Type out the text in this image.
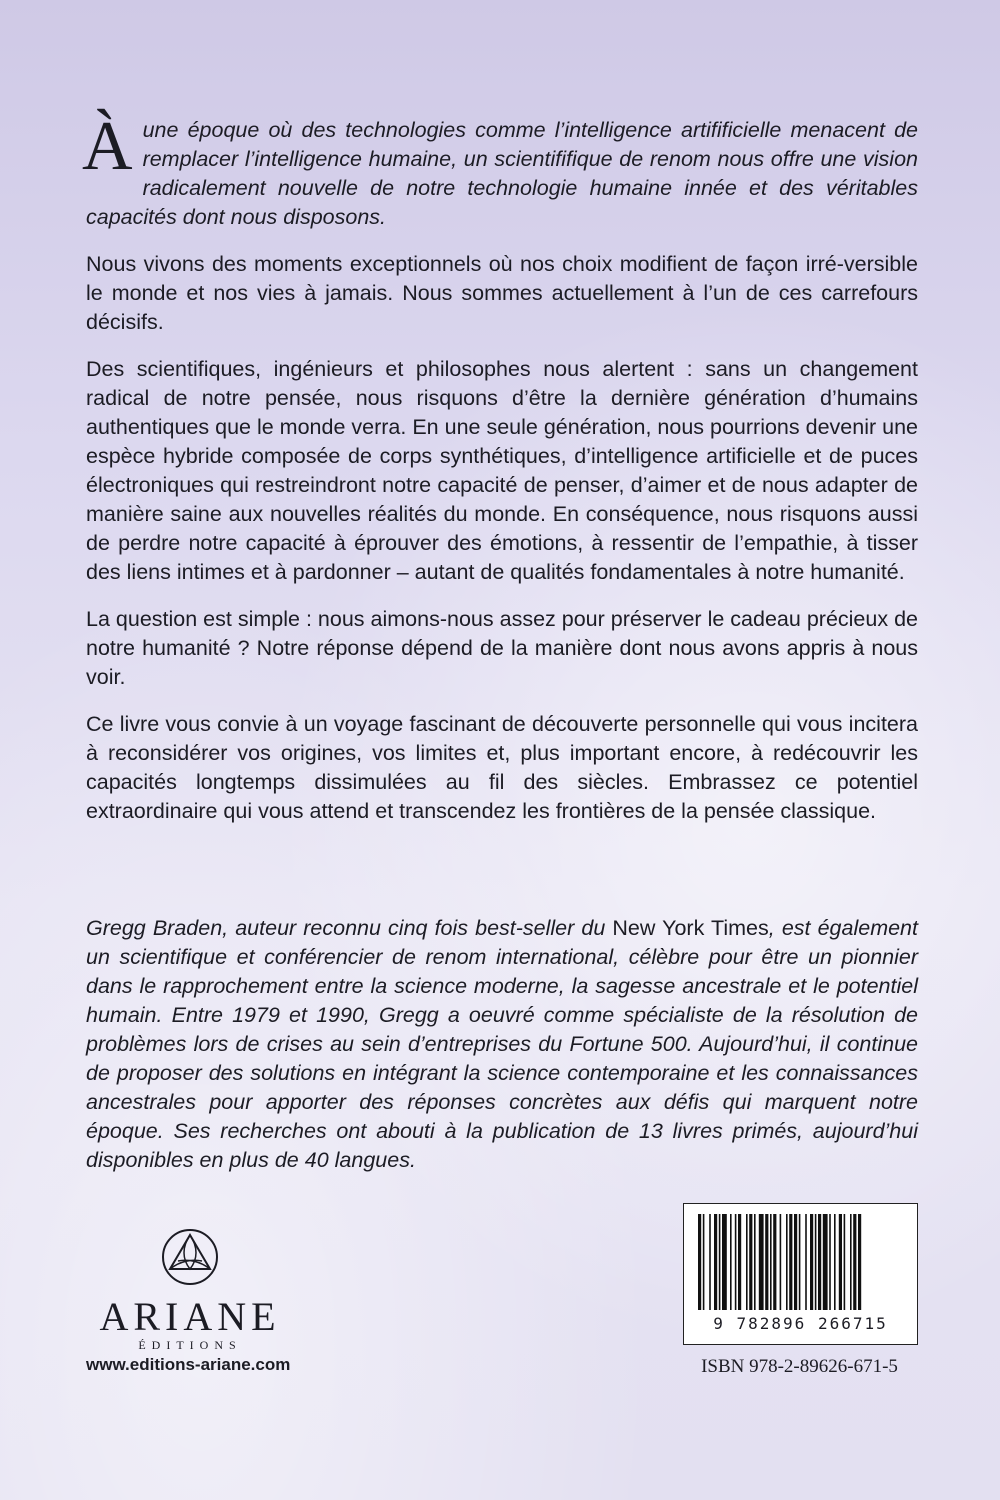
À une époque où des technologies comme l’intelligence artifificielle menacent de remplacer l’intelligence humaine, un scientififique de renom nous offre une vision radicalement nouvelle de notre technologie humaine innée et des véritables capacités dont nous disposons.

Nous vivons des moments exceptionnels où nos choix modifient de façon irré-versible le monde et nos vies à jamais. Nous sommes actuellement à l’un de ces carrefours décisifs.

Des scientifiques, ingénieurs et philosophes nous alertent : sans un changement radical de notre pensée, nous risquons d’être la dernière génération d’humains authentiques que le monde verra. En une seule génération, nous pourrions devenir une espèce hybride composée de corps synthétiques, d’intelligence artificielle et de puces électroniques qui restreindront notre capacité de penser, d’aimer et de nous adapter de manière saine aux nouvelles réalités du monde. En conséquence, nous risquons aussi de perdre notre capacité à éprouver des émotions, à ressentir de l’empathie, à tisser des liens intimes et à pardonner – autant de qualités fondamentales à notre humanité.

La question est simple : nous aimons-nous assez pour préserver le cadeau précieux de notre humanité ? Notre réponse dépend de la manière dont nous avons appris à nous voir.

Ce livre vous convie à un voyage fascinant de découverte personnelle qui vous incitera à reconsidérer vos origines, vos limites et, plus important encore, à redécouvrir les capacités longtemps dissimulées au fil des siècles. Embrassez ce potentiel extraordinaire qui vous attend et transcendez les frontières de la pensée classique.

Gregg Braden, auteur reconnu cinq fois best-seller du New York Times, est également un scientifique et conférencier de renom international, célèbre pour être un pionnier dans le rapprochement entre la science moderne, la sagesse ancestrale et le potentiel humain. Entre 1979 et 1990, Gregg a oeuvré comme spécialiste de la résolution de problèmes lors de crises au sein d’entreprises du Fortune 500. Aujourd’hui, il continue de proposer des solutions en intégrant la science contemporaine et les connaissances ancestrales pour apporter des réponses concrètes aux défis qui marquent notre époque. Ses recherches ont abouti à la publication de 13 livres primés, aujourd’hui disponibles en plus de 40 langues.

ARIANE
ÉDITIONS
www.editions-ariane.com
9 782896 266715
ISBN 978-2-89626-671-5
